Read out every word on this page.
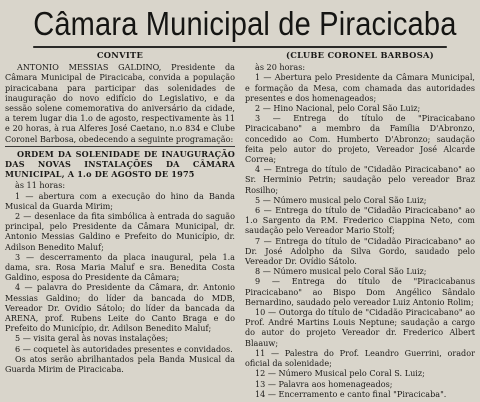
Câmara Municipal de Piracicaba

CONVITE

ANTONIO MESSIAS GALDINO, Presidente da Câmara Municipal de Piracicaba, convida a população piracicabana para participar das solenidades de inauguração do novo edifício do Legislativo, e da sessão solene comemorativa do aniversário da cidade, a terem lugar dia 1.o de agosto, respectivamente às 11 e 20 horas, à rua Alferes José Caetano, n.o 834 e Clube Coronel Barbosa, obedecendo a seguinte programação:

ORDEM DA SOLENIDADE DE INAUGURAÇÃO DAS NOVAS INSTALAÇÕES DA CÂMARA MUNICIPAL, A 1.o DE AGOSTO DE 1975

às 11 horas:

1 — abertura com a execução do hino da Banda Musical da Guarda Mirim;

2 — desenlace da fita simbólica à entrada do saguão principal, pelo Presidente da Câmara Municipal, dr. Antonio Messias Galdino e Prefeito do Município, dr. Adilson Benedito Maluf;

3 — descerramento da placa inaugural, pela 1.a dama, sra. Rosa Maria Maluf e sra. Benedita Costa Galdino, esposa do Presidente da Câmara;

4 — palavra do Presidente da Câmara, dr. Antonio Messias Galdino; do líder da bancada do MDB, Vereador Dr. Ovidio Sátolo; do líder da bancada da ARENA, prof. Rubens Leite do Canto Braga e do Prefeito do Município, dr. Adilson Benedito Maluf;

5 — visita geral às novas instalações;

6 — coquetel às autoridades presentes e convidados.

Os atos serão abrilhantados pela Banda Musical da Guarda Mirim de Piracicaba.

(CLUBE CORONEL BARBOSA)

às 20 horas:

1 — Abertura pelo Presidente da Câmara Municipal, e formação da Mesa, com chamada das autoridades presentes e dos homenageados;

2 — Hino Nacional, pelo Coral São Luiz;

3 — Entrega do título de "Piracicabano Piracicabano" a membro da Família D'Abronzo, concedido ao Com. Humberto D'Abronzo; saudação feita pelo autor do projeto, Vereador José Alcarde Correa;

4 — Entrega do título de "Cidadão Piracicabano" ao Sr. Herminio Petrin; saudação pelo vereador Braz Rosilho;

5 — Número musical pelo Coral São Luiz;

6 — Entrega do título de "Cidadão Piracicabano" ao 1.o Sargento da P.M. Frederico Ciappina Neto, com saudação pelo Vereador Mario Stolf;

7 — Entrega do título de "Cidadão Piracicabano" ao Dr. José Adolpho da Silva Gordo, saudado pelo Vereador Dr. Ovídio Sátolo.

8 — Número musical pelo Coral São Luiz;

9 — Entrega do título de "Piracicabanus Piracicabano" ao Bispo Dom Angélico Sândalo Bernardino, saudado pelo vereador Luiz Antonio Rolim;

10 — Outorga do título de "Cidadão Piracicabano" ao Prof. André Martins Louis Neptune; saudação a cargo do autor do projeto Vereador dr. Frederico Albert Blaauw;

11 — Palestra do Prof. Leandro Guerrini, orador oficial da solenidade;

12 — Número Musical pelo Coral S. Luiz;

13 — Palavra aos homenageados;

14 — Encerramento e canto final "Piracicaba".
